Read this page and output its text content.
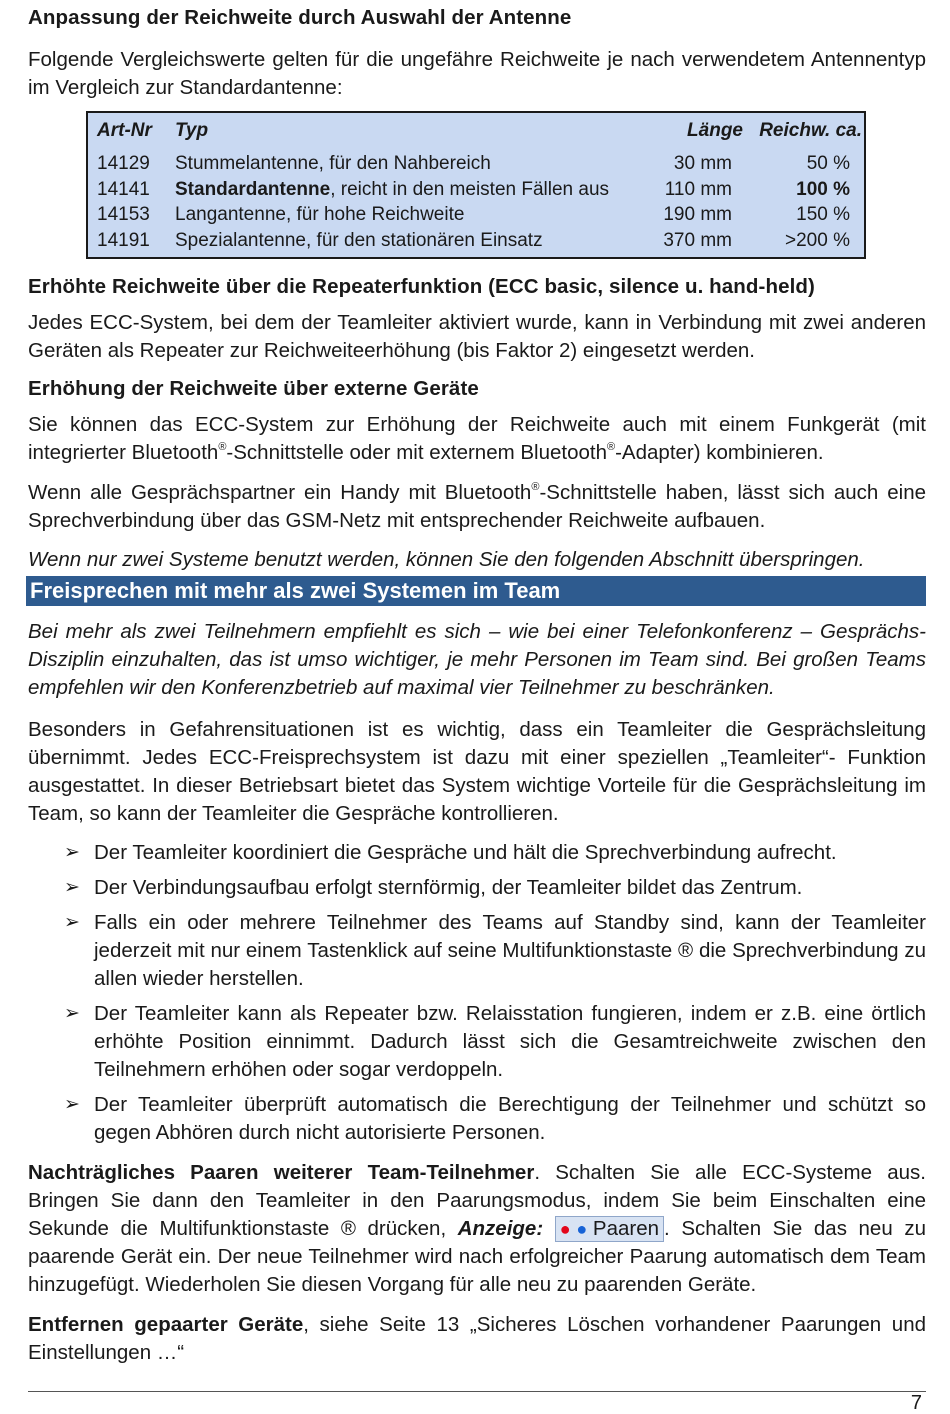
Anpassung der Reichweite durch Auswahl der Antenne

Folgende Vergleichswerte gelten für die ungefähre Reichweite je nach verwendetem Antennentyp im Vergleich zur Standardantenne:

Art-Nr Typ	Länge Reichw. ca.
14129 Stummelantenne, für den Nahbereich	30 mm	50 %
14141 Standardantenne, reicht in den meisten Fällen aus	110 mm	100 %
14153 Langantenne, für hohe Reichweite	190 mm	150 %
14191 Spezialantenne, für den stationären Einsatz	370 mm	>200 %
Erhöhte Reichweite über die Repeaterfunktion (ECC basic, silence u. hand-held)

Jedes ECC-System, bei dem der Teamleiter aktiviert wurde, kann in Verbindung mit zwei anderen Geräten als Repeater zur Reichweiteerhöhung (bis Faktor 2) eingesetzt werden.

Erhöhung der Reichweite über externe Geräte

Sie können das ECC-System zur Erhöhung der Reichweite auch mit einem Funkgerät (mit integrierter Bluetooth®-Schnittstelle oder mit externem Bluetooth®-Adapter) kombinieren.

Wenn alle Gesprächspartner ein Handy mit Bluetooth®-Schnittstelle haben, lässt sich auch eine Sprechverbindung über das GSM-Netz mit entsprechender Reichweite aufbauen.

Wenn nur zwei Systeme benutzt werden, können Sie den folgenden Abschnitt überspringen.

Freisprechen mit mehr als zwei Systemen im Team

Bei mehr als zwei Teilnehmern empfiehlt es sich – wie bei einer Telefonkonferenz – Gesprächs-Disziplin einzuhalten, das ist umso wichtiger, je mehr Personen im Team sind. Bei großen Teams empfehlen wir den Konferenzbetrieb auf maximal vier Teilnehmer zu beschränken.

Besonders in Gefahrensituationen ist es wichtig, dass ein Teamleiter die Gesprächsleitung übernimmt. Jedes ECC-Freisprechsystem ist dazu mit einer speziellen „Teamleiter“- Funktion ausgestattet. In dieser Betriebsart bietet das System wichtige Vorteile für die Gesprächsleitung im Team, so kann der Teamleiter die Gespräche kontrollieren.

➢ Der Teamleiter koordiniert die Gespräche und hält die Sprechverbindung aufrecht.
➢ Der Verbindungsaufbau erfolgt sternförmig, der Teamleiter bildet das Zentrum.
➢ Falls ein oder mehrere Teilnehmer des Teams auf Standby sind, kann der Teamleiter jederzeit mit nur einem Tastenklick auf seine Multifunktionstaste ® die Sprechverbindung zu allen wieder herstellen.
➢ Der Teamleiter kann als Repeater bzw. Relaisstation fungieren, indem er z.B. eine örtlich erhöhte Position einnimmt. Dadurch lässt sich die Gesamtreichweite zwischen den Teilnehmern erhöhen oder sogar verdoppeln.
➢ Der Teamleiter überprüft automatisch die Berechtigung der Teilnehmer und schützt so gegen Abhören durch nicht autorisierte Personen.

Nachträgliches Paaren weiterer Team-Teilnehmer. Schalten Sie alle ECC-Systeme aus. Bringen Sie dann den Teamleiter in den Paarungsmodus, indem Sie beim Einschalten eine Sekunde die Multifunktionstaste ® drücken, Anzeige: ● ● Paaren . Schalten Sie das neu zu paarende Gerät ein. Der neue Teilnehmer wird nach erfolgreicher Paarung automatisch dem Team hinzugefügt. Wiederholen Sie diesen Vorgang für alle neu zu paarenden Geräte.

Entfernen gepaarter Geräte, siehe Seite 13 „Sicheres Löschen vorhandener Paarungen und Einstellungen …“

7
